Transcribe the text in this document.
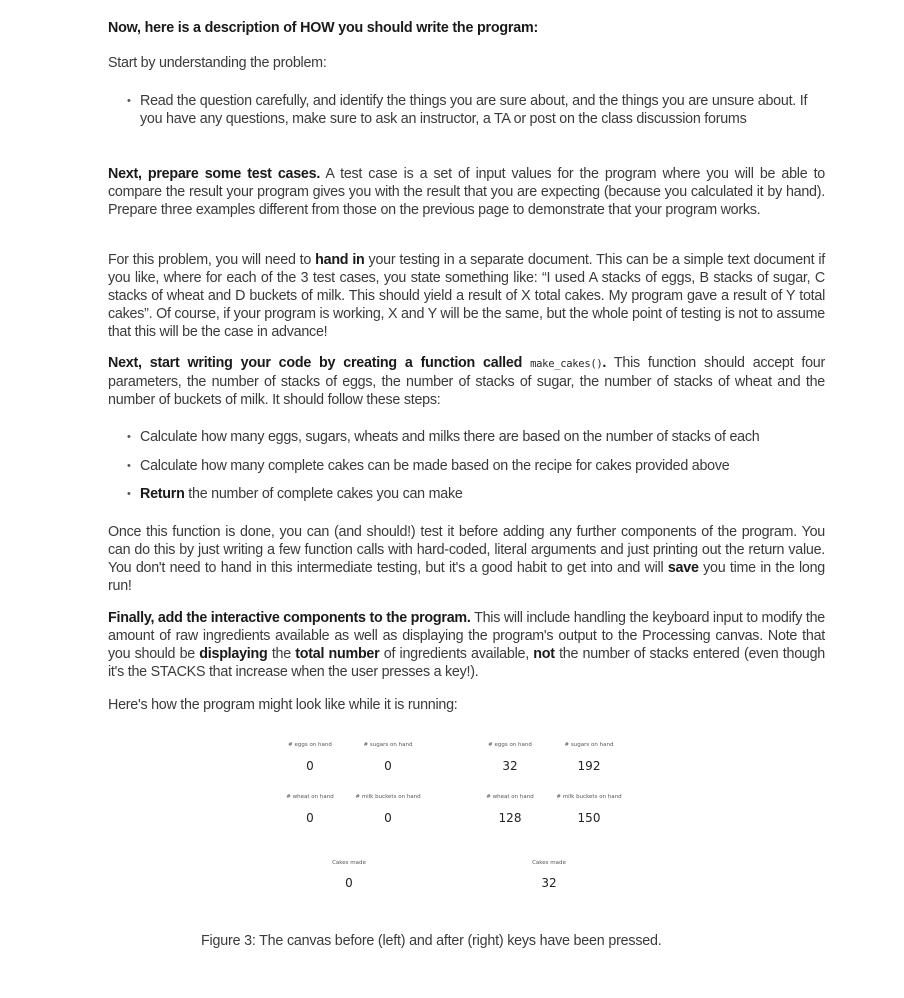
Now, here is a description of HOW you should write the program:
Start by understanding the problem:
• Read the question carefully, and identify the things you are sure about, and the things you are unsure about. If you have any questions, make sure to ask an instructor, a TA or post on the class discussion forums
Next, prepare some test cases. A test case is a set of input values for the program where you will be able to compare the result your program gives you with the result that you are expecting (because you calculated it by hand). Prepare three examples different from those on the previous page to demonstrate that your program works.
For this problem, you will need to hand in your testing in a separate document. This can be a simple text document if you like, where for each of the 3 test cases, you state something like: “I used A stacks of eggs, B stacks of sugar, C stacks of wheat and D buckets of milk. This should yield a result of X total cakes. My program gave a result of Y total cakes”. Of course, if your program is working, X and Y will be the same, but the whole point of testing is not to assume that this will be the case in advance!
Next, start writing your code by creating a function called make_cakes(). This function should accept four parameters, the number of stacks of eggs, the number of stacks of sugar, the number of stacks of wheat and the number of buckets of milk. It should follow these steps:
• Calculate how many eggs, sugars, wheats and milks there are based on the number of stacks of each
• Calculate how many complete cakes can be made based on the recipe for cakes provided above
• Return the number of complete cakes you can make
Once this function is done, you can (and should!) test it before adding any further components of the program. You can do this by just writing a few function calls with hard-coded, literal arguments and just printing out the return value. You don't need to hand in this intermediate testing, but it's a good habit to get into and will save you time in the long run!
Finally, add the interactive components to the program. This will include handling the keyboard input to modify the amount of raw ingredients available as well as displaying the program's output to the Processing canvas. Note that you should be displaying the total number of ingredients available, not the number of stacks entered (even though it's the STACKS that increase when the user presses a key!).
Here's how the program might look like while it is running:
# eggs on hand
0
# sugars on hand
0
# wheat on hand
0
# milk buckets on hand
0
Cakes made
0
# eggs on hand
32
# sugars on hand
192
# wheat on hand
128
# milk buckets on hand
150
Cakes made
32
Figure 3: The canvas before (left) and after (right) keys have been pressed.
